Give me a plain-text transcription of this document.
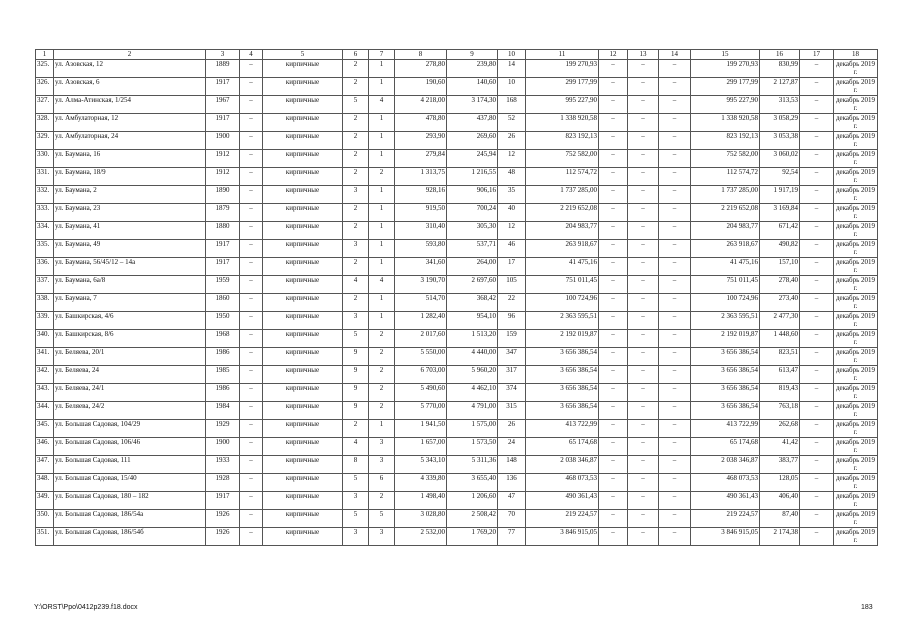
1	2	3	4	5	6	7	8	9	10	11	12	13	14	15	16	17	18
325.	ул. Азовская, 12	1889	–	кирпичные	2	1	278,80	239,80	14	199 270,93	–	–	–	199 270,93	830,99	–	декабрь 2019 г.
326.	ул. Азовская, 6	1917	–	кирпичные	2	1	190,60	140,60	10	299 177,99	–	–	–	299 177,99	2 127,87	–	декабрь 2019 г.
327.	ул. Алма-Атинская, 1/254	1967	–	кирпичные	5	4	4 218,00	3 174,30	168	995 227,90	–	–	–	995 227,90	313,53	–	декабрь 2019 г.
328.	ул. Амбулаторная, 12	1917	–	кирпичные	2	1	478,80	437,80	52	1 338 920,58	–	–	–	1 338 920,58	3 058,29	–	декабрь 2019 г.
329.	ул. Амбулаторная, 24	1900	–	кирпичные	2	1	293,90	269,60	26	823 192,13	–	–	–	823 192,13	3 053,38	–	декабрь 2019 г.
330.	ул. Баумана, 16	1912	–	кирпичные	2	1	279,84	245,94	12	752 582,00	–	–	–	752 582,00	3 060,02	–	декабрь 2019 г.
331.	ул. Баумана, 18/9	1912	–	кирпичные	2	2	1 313,75	1 216,55	48	112 574,72	–	–	–	112 574,72	92,54	–	декабрь 2019 г.
332.	ул. Баумана, 2	1890	–	кирпичные	3	1	928,16	906,16	35	1 737 285,00	–	–	–	1 737 285,00	1 917,19	–	декабрь 2019 г.
333.	ул. Баумана, 23	1879	–	кирпичные	2	1	919,50	700,24	40	2 219 652,08	–	–	–	2 219 652,08	3 169,84	–	декабрь 2019 г.
334.	ул. Баумана, 41	1880	–	кирпичные	2	1	310,40	305,30	12	204 983,77	–	–	–	204 983,77	671,42	–	декабрь 2019 г.
335.	ул. Баумана, 49	1917	–	кирпичные	3	1	593,80	537,71	46	263 918,67	–	–	–	263 918,67	490,82	–	декабрь 2019 г.
336.	ул. Баумана, 56/45/12 – 14а	1917	–	кирпичные	2	1	341,60	264,00	17	41 475,16	–	–	–	41 475,16	157,10	–	декабрь 2019 г.
337.	ул. Баумана, 6а/8	1959	–	кирпичные	4	4	3 190,70	2 697,60	105	751 011,45	–	–	–	751 011,45	278,40	–	декабрь 2019 г.
338.	ул. Баумана, 7	1860	–	кирпичные	2	1	514,70	368,42	22	100 724,96	–	–	–	100 724,96	273,40	–	декабрь 2019 г.
339.	ул. Башкирская, 4/6	1950	–	кирпичные	3	1	1 282,40	954,10	96	2 363 595,51	–	–	–	2 363 595,51	2 477,30	–	декабрь 2019 г.
340.	ул. Башкирская, 8/6	1968	–	кирпичные	5	2	2 017,60	1 513,20	159	2 192 019,87	–	–	–	2 192 019,87	1 448,60	–	декабрь 2019 г.
341.	ул. Беляева, 20/1	1986	–	кирпичные	9	2	5 550,00	4 440,00	347	3 656 386,54	–	–	–	3 656 386,54	823,51	–	декабрь 2019 г.
342.	ул. Беляева, 24	1985	–	кирпичные	9	2	6 703,00	5 960,20	317	3 656 386,54	–	–	–	3 656 386,54	613,47	–	декабрь 2019 г.
343.	ул. Беляева, 24/1	1986	–	кирпичные	9	2	5 490,60	4 462,10	374	3 656 386,54	–	–	–	3 656 386,54	819,43	–	декабрь 2019 г.
344.	ул. Беляева, 24/2	1984	–	кирпичные	9	2	5 770,00	4 791,00	315	3 656 386,54	–	–	–	3 656 386,54	763,18	–	декабрь 2019 г.
345.	ул. Большая Садовая, 104/29	1929	–	кирпичные	2	1	1 941,50	1 575,00	26	413 722,99	–	–	–	413 722,99	262,68	–	декабрь 2019 г.
346.	ул. Большая Садовая, 106/46	1900	–	кирпичные	4	3	1 657,00	1 573,50	24	65 174,68	–	–	–	65 174,68	41,42	–	декабрь 2019 г.
347.	ул. Большая Садовая, 111	1933	–	кирпичные	8	3	5 343,10	5 311,36	148	2 038 346,87	–	–	–	2 038 346,87	383,77	–	декабрь 2019 г.
348.	ул. Большая Садовая, 15/40	1928	–	кирпичные	5	6	4 339,80	3 655,40	136	468 073,53	–	–	–	468 073,53	128,05	–	декабрь 2019 г.
349.	ул. Большая Садовая, 180 – 182	1917	–	кирпичные	3	2	1 498,40	1 206,60	47	490 361,43	–	–	–	490 361,43	406,40	–	декабрь 2019 г.
350.	ул. Большая Садовая, 186/54а	1926	–	кирпичные	5	5	3 028,80	2 508,42	70	219 224,57	–	–	–	219 224,57	87,40	–	декабрь 2019 г.
351.	ул. Большая Садовая, 186/54б	1926	–	кирпичные	3	3	2 532,00	1 769,20	77	3 846 915,05	–	–	–	3 846 915,05	2 174,38	–	декабрь 2019 г.
Y:\ORST\Ppo\0412p239.f18.docx	183
